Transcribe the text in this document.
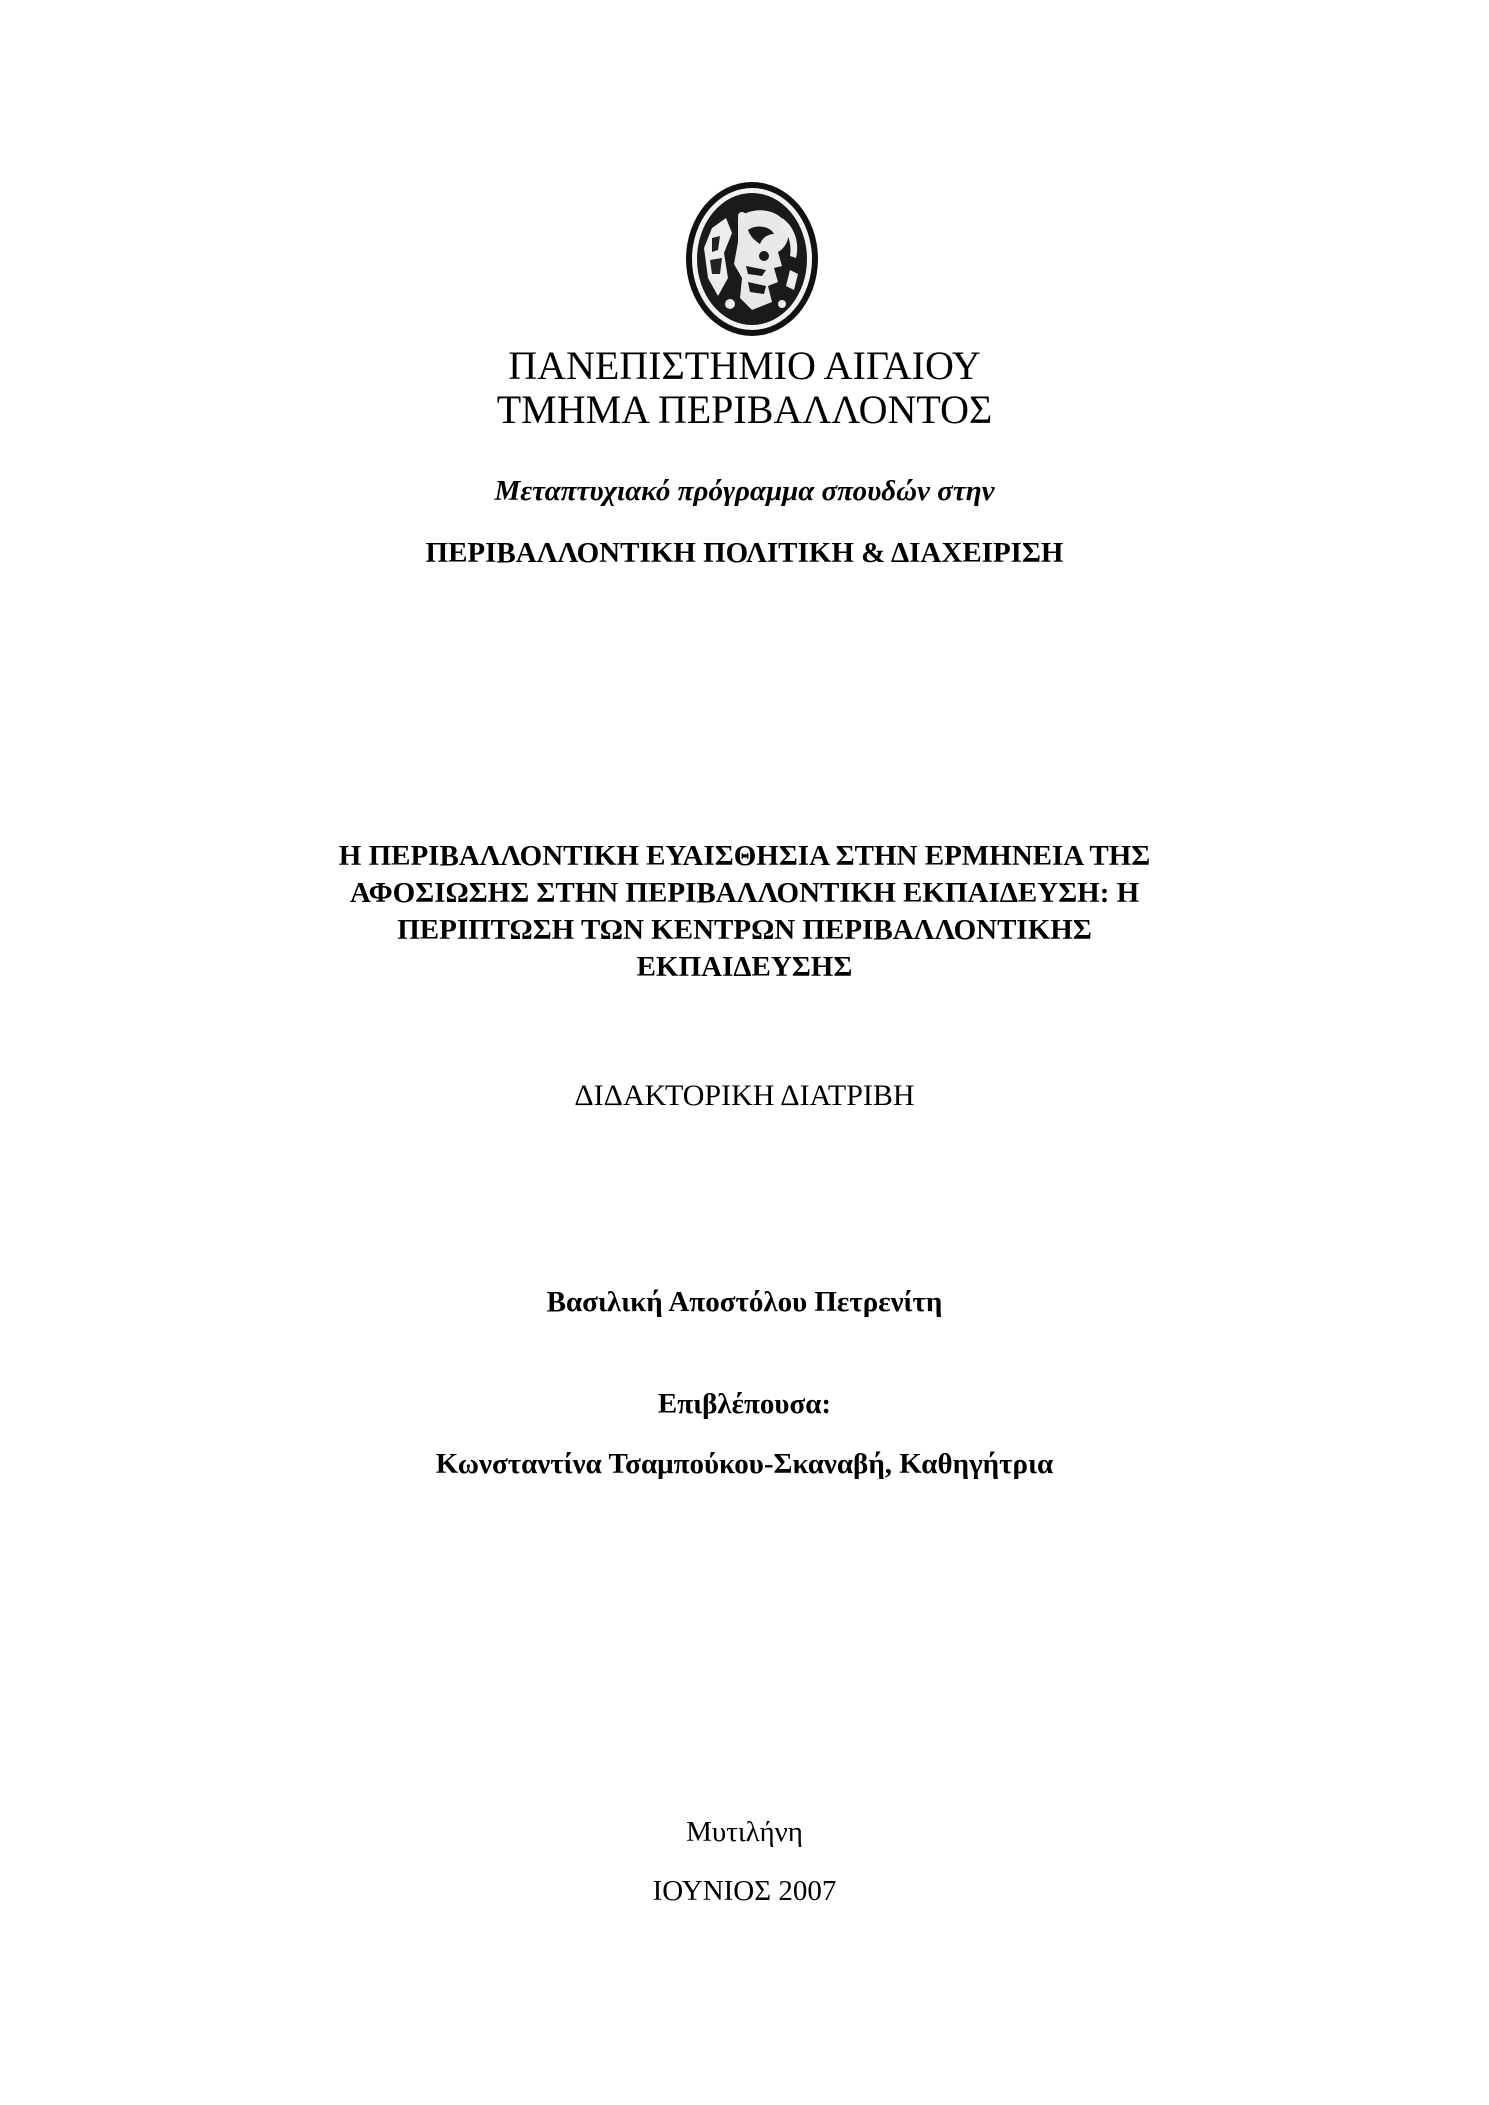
ΠΑΝΕΠΙΣΤΗΜΙΟ ΑΙΓΑΙΟΥ
ΤΜΗΜΑ ΠΕΡΙΒΑΛΛΟΝΤΟΣ
Μεταπτυχιακό πρόγραμμα σπουδών στην
ΠΕΡΙΒΑΛΛΟΝΤΙΚΗ ΠΟΛΙΤΙΚΗ & ΔΙΑΧΕΙΡΙΣΗ
Η ΠΕΡΙΒΑΛΛΟΝΤΙΚΗ ΕΥΑΙΣΘΗΣΙΑ ΣΤΗΝ ΕΡΜΗΝΕΙΑ ΤΗΣ
ΑΦΟΣΙΩΣΗΣ ΣΤΗΝ ΠΕΡΙΒΑΛΛΟΝΤΙΚΗ ΕΚΠΑΙΔΕΥΣΗ: Η
ΠΕΡΙΠΤΩΣΗ ΤΩΝ ΚΕΝΤΡΩΝ ΠΕΡΙΒΑΛΛΟΝΤΙΚΗΣ
ΕΚΠΑΙΔΕΥΣΗΣ
ΔΙΔΑΚΤΟΡΙΚΗ ΔΙΑΤΡΙΒΗ
Βασιλική Αποστόλου Πετρενίτη
Επιβλέπουσα:
Κωνσταντίνα Τσαμπούκου-Σκαναβή, Καθηγήτρια
Μυτιλήνη
ΙΟΥΝΙΟΣ 2007
